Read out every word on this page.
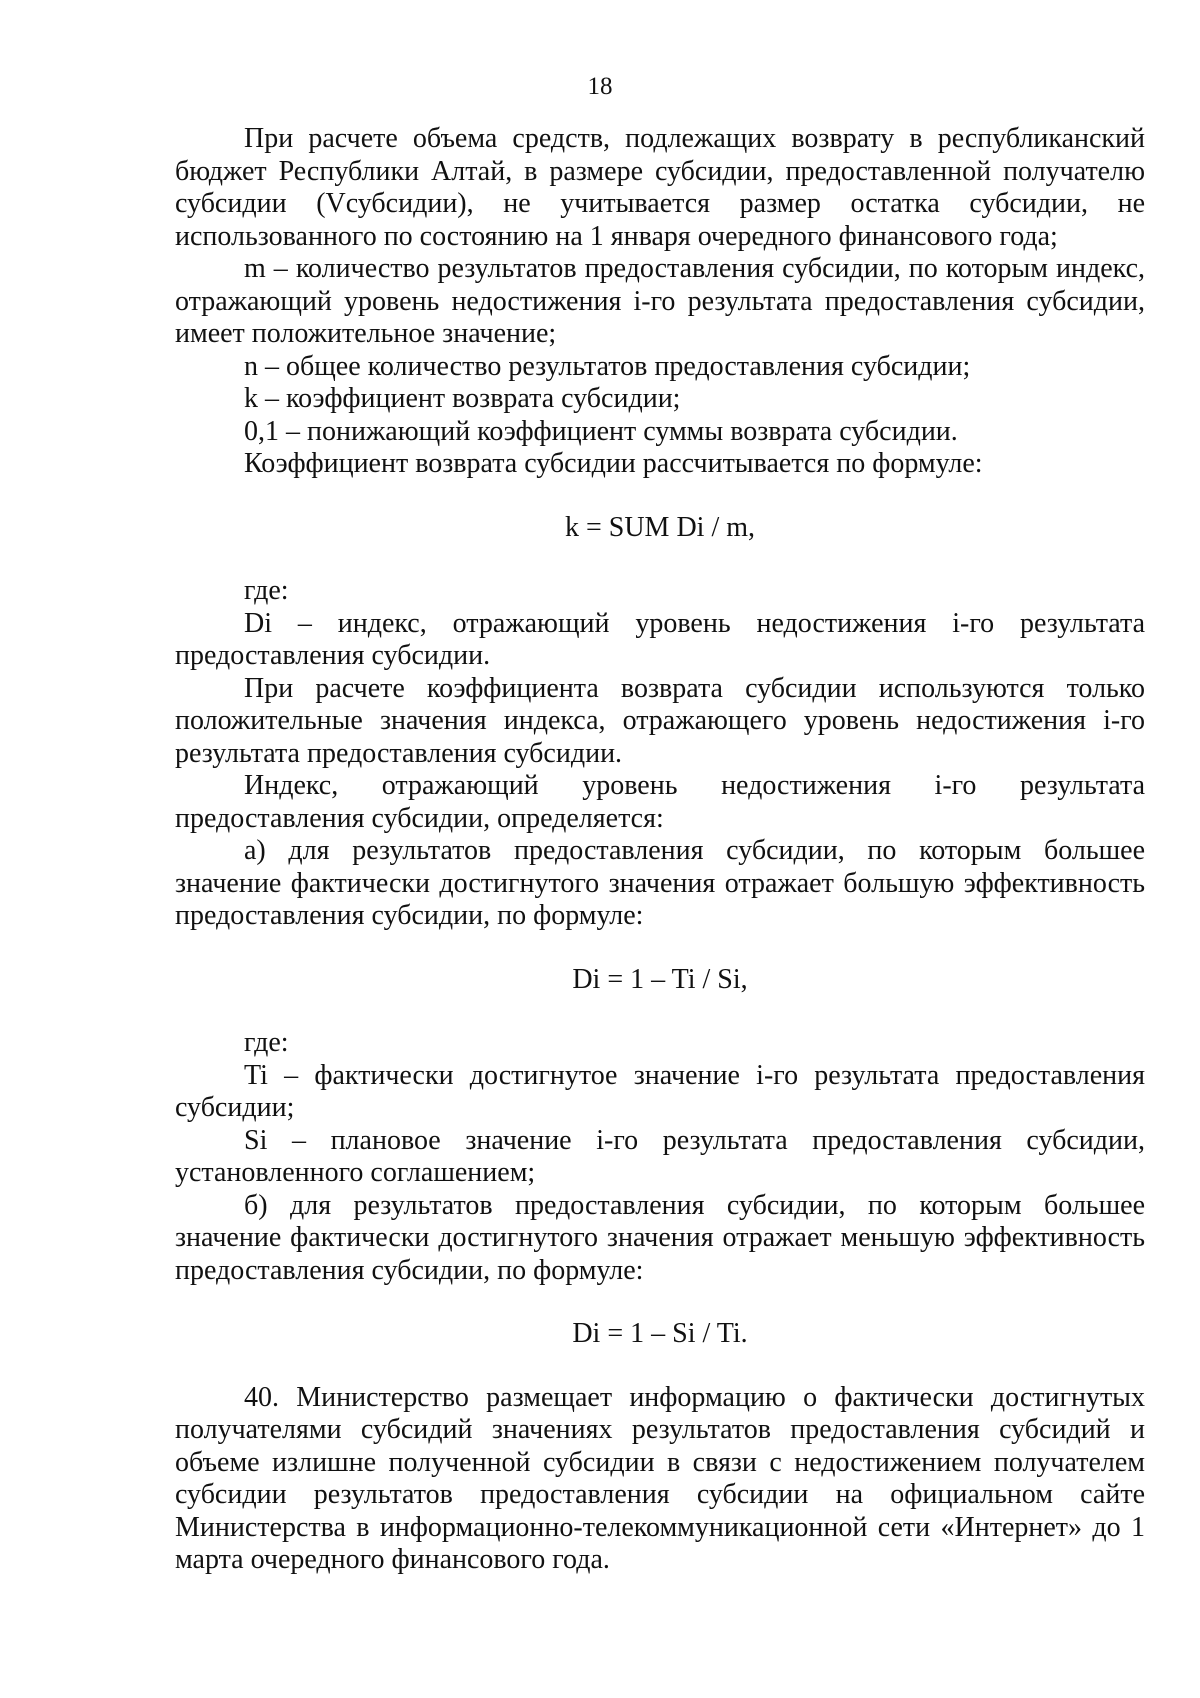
18

При расчете объема средств, подлежащих возврату в республиканский бюджет Республики Алтай, в размере субсидии, предоставленной получателю субсидии (Vсубсидии), не учитывается размер остатка субсидии, не использованного по состоянию на 1 января очередного финансового года;

m – количество результатов предоставления субсидии, по которым индекс, отражающий уровень недостижения i-го результата предоставления субсидии, имеет положительное значение;

n – общее количество результатов предоставления субсидии;

k – коэффициент возврата субсидии;

0,1 – понижающий коэффициент суммы возврата субсидии.

Коэффициент возврата субсидии рассчитывается по формуле:

k = SUM Di / m,

где:

Di – индекс, отражающий уровень недостижения i-го результата предоставления субсидии.

При расчете коэффициента возврата субсидии используются только положительные значения индекса, отражающего уровень недостижения i-го результата предоставления субсидии.

Индекс, отражающий уровень недостижения i-го результата предоставления субсидии, определяется:

а) для результатов предоставления субсидии, по которым большее значение фактически достигнутого значения отражает большую эффективность предоставления субсидии, по формуле:

Di = 1 – Ti / Si,

где:

Ti – фактически достигнутое значение i-го результата предоставления субсидии;

Si – плановое значение i-го результата предоставления субсидии, установленного соглашением;

б) для результатов предоставления субсидии, по которым большее значение фактически достигнутого значения отражает меньшую эффективность предоставления субсидии, по формуле:

Di = 1 – Si / Ti.

40. Министерство размещает информацию о фактически достигнутых получателями субсидий значениях результатов предоставления субсидий и объеме излишне полученной субсидии в связи с недостижением получателем субсидии результатов предоставления субсидии на официальном сайте Министерства в информационно-телекоммуникационной сети «Интернет» до 1 марта очередного финансового года.
